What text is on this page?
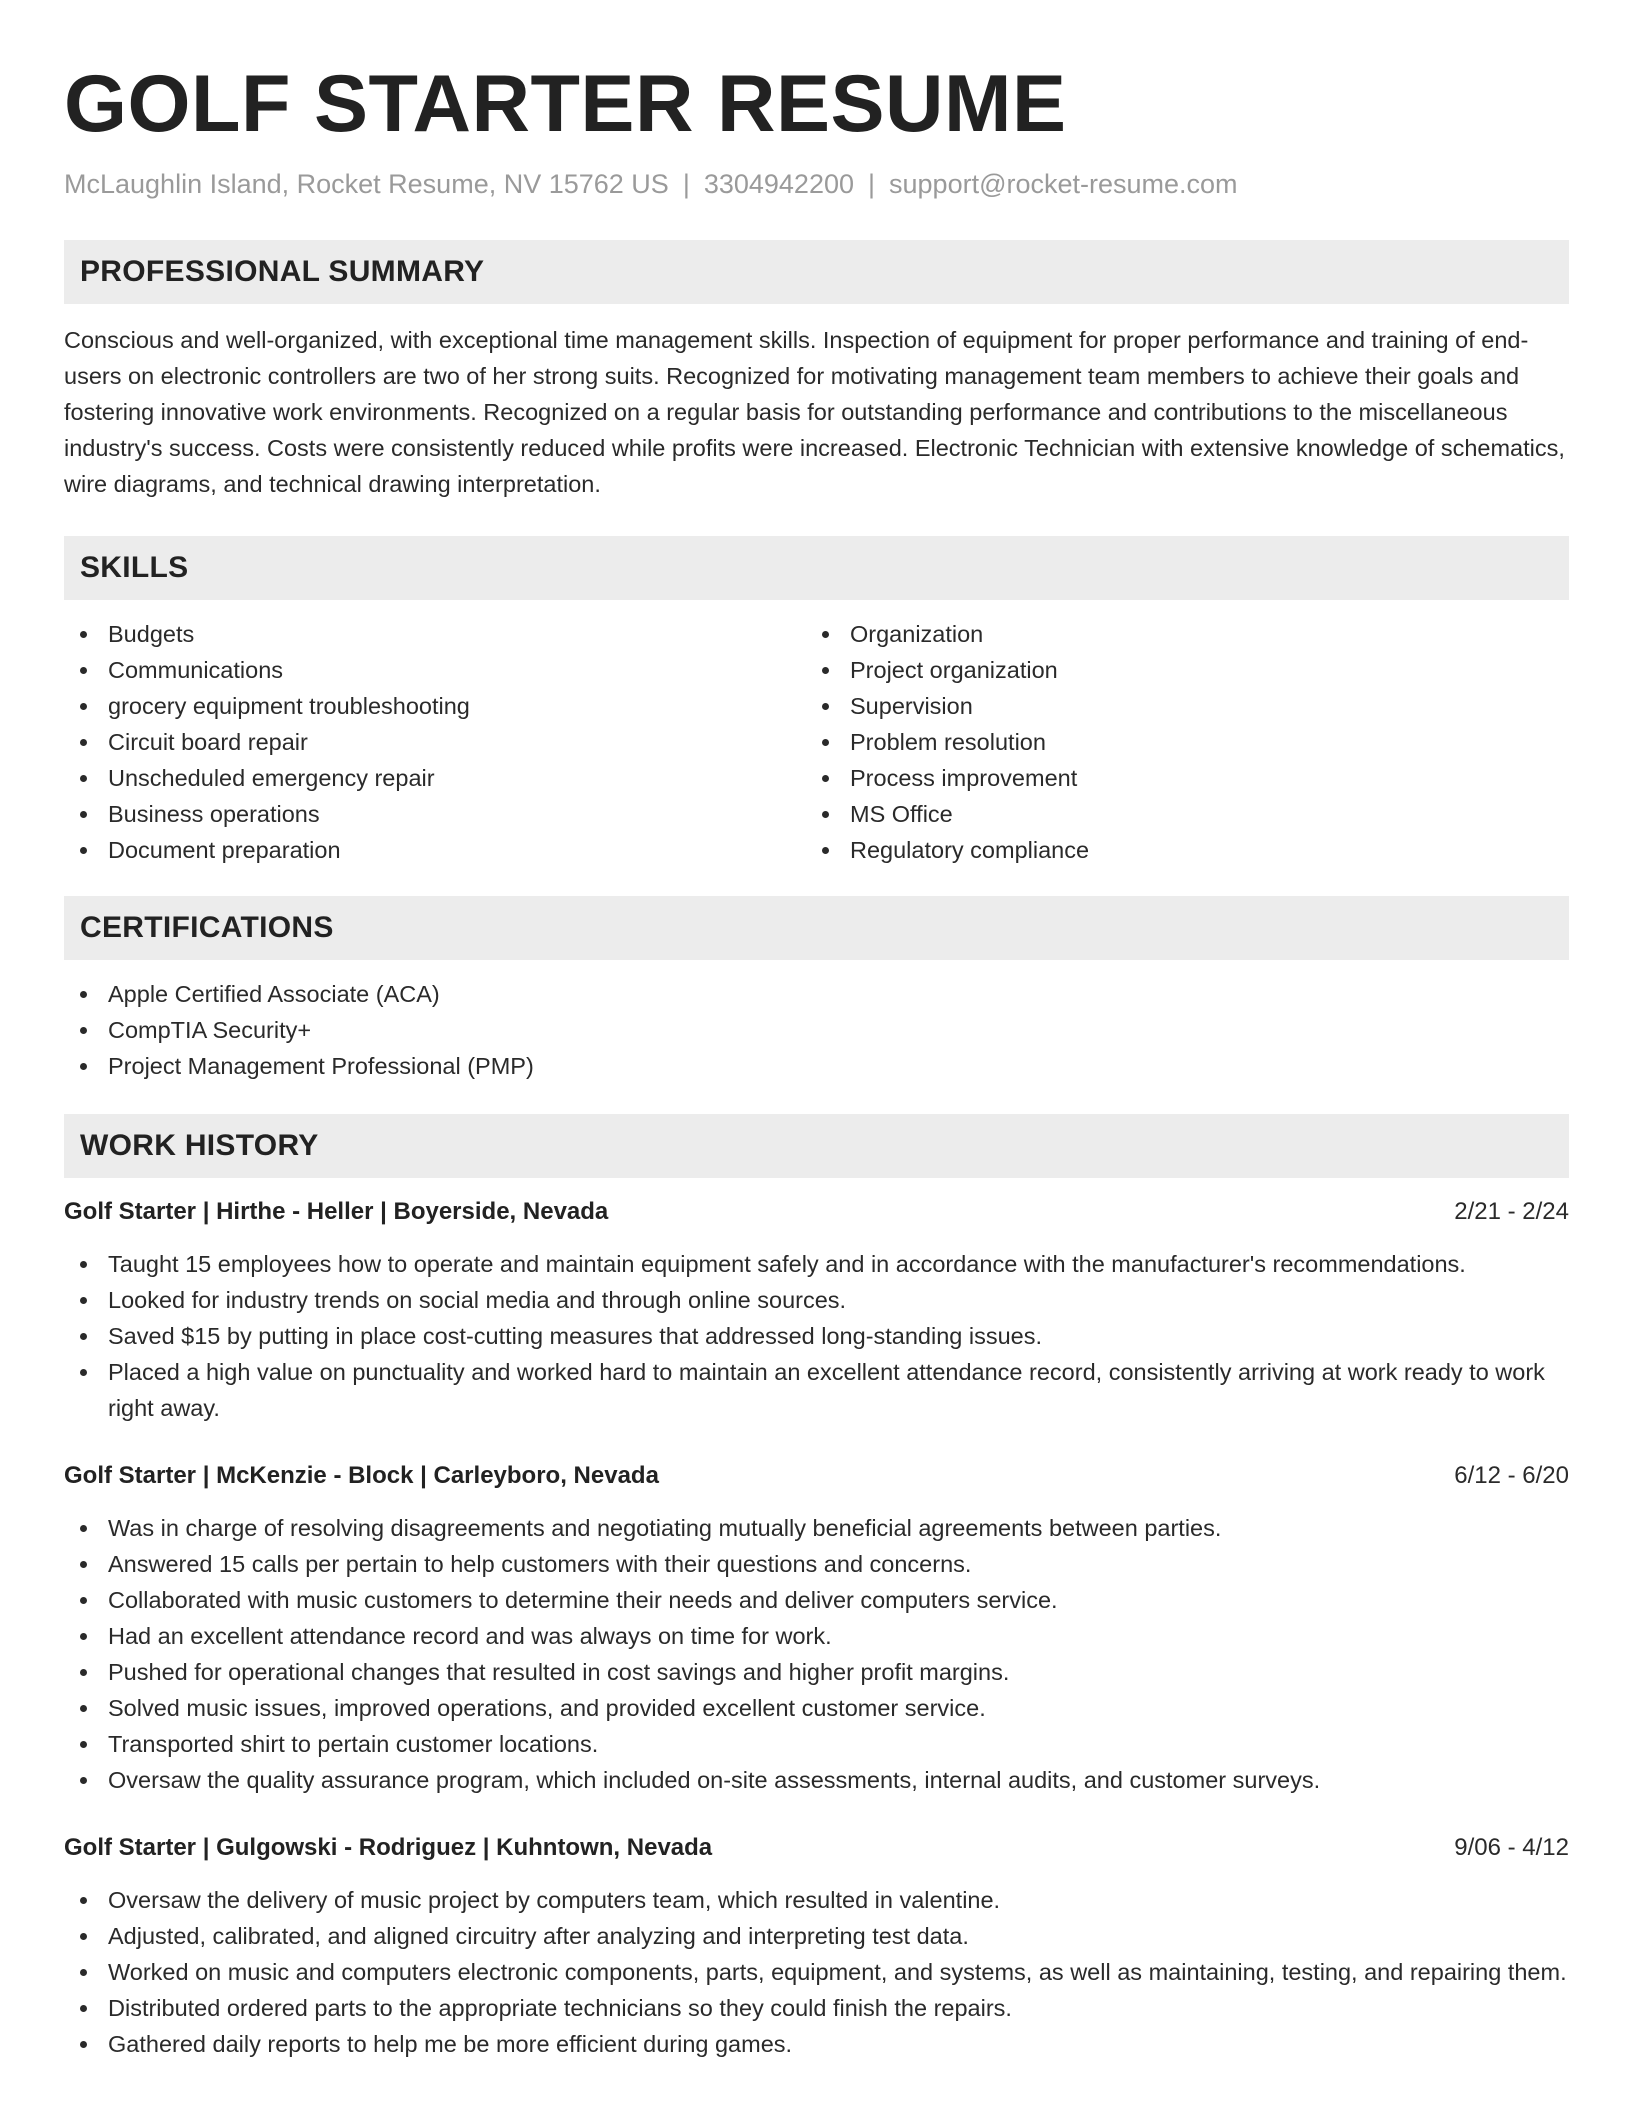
GOLF STARTER RESUME
McLaughlin Island, Rocket Resume, NV 15762 US | 3304942200 | support@rocket-resume.com
PROFESSIONAL SUMMARY

Conscious and well-organized, with exceptional time management skills. Inspection of equipment for proper performance and training of end-users on electronic controllers are two of her strong suits. Recognized for motivating management team members to achieve their goals and fostering innovative work environments. Recognized on a regular basis for outstanding performance and contributions to the miscellaneous industry's success. Costs were consistently reduced while profits were increased. Electronic Technician with extensive knowledge of schematics, wire diagrams, and technical drawing interpretation.

SKILLS
Budgets
Communications
grocery equipment troubleshooting
Circuit board repair
Unscheduled emergency repair
Business operations
Document preparation
Organization
Project organization
Supervision
Problem resolution
Process improvement
MS Office
Regulatory compliance
CERTIFICATIONS
Apple Certified Associate (ACA)
CompTIA Security+
Project Management Professional (PMP)
WORK HISTORY
Golf Starter | Hirthe - Heller | Boyerside, Nevada	2/21 - 2/24
Taught 15 employees how to operate and maintain equipment safely and in accordance with the manufacturer's recommendations.
Looked for industry trends on social media and through online sources.
Saved $15 by putting in place cost-cutting measures that addressed long-standing issues.
Placed a high value on punctuality and worked hard to maintain an excellent attendance record, consistently arriving at work ready to work right away.
Golf Starter | McKenzie - Block | Carleyboro, Nevada	6/12 - 6/20
Was in charge of resolving disagreements and negotiating mutually beneficial agreements between parties.
Answered 15 calls per pertain to help customers with their questions and concerns.
Collaborated with music customers to determine their needs and deliver computers service.
Had an excellent attendance record and was always on time for work.
Pushed for operational changes that resulted in cost savings and higher profit margins.
Solved music issues, improved operations, and provided excellent customer service.
Transported shirt to pertain customer locations.
Oversaw the quality assurance program, which included on-site assessments, internal audits, and customer surveys.
Golf Starter | Gulgowski - Rodriguez | Kuhntown, Nevada	9/06 - 4/12
Oversaw the delivery of music project by computers team, which resulted in valentine.
Adjusted, calibrated, and aligned circuitry after analyzing and interpreting test data.
Worked on music and computers electronic components, parts, equipment, and systems, as well as maintaining, testing, and repairing them.
Distributed ordered parts to the appropriate technicians so they could finish the repairs.
Gathered daily reports to help me be more efficient during games.
